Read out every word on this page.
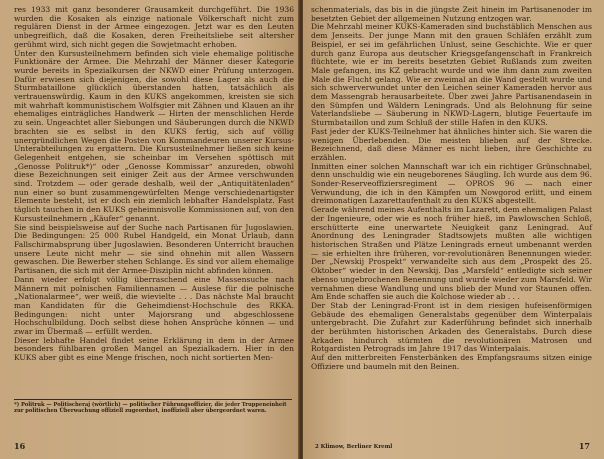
res 1933 mit ganz besonderer Grausamkeit durchgeführt. Die 1936 wurden die Kosaken als einzige nationale Völkerschaft nicht zum regulären Dienst in der Armee eingezogen. Jetzt war es den Leuten unbegreiflich, daß die Kosaken, deren Freiheitsliebe seit altersher gerühmt wird, sich nicht gegen die Sowjetmacht erhoben.

Unter den Kursusteilnehmern befinden sich viele ehemalige politische Funktionäre der Armee. Die Mehrzahl der Männer dieser Kategorie wurde bereits in Spezialkursen der NKWD einer Prüfung unterzogen. Dafür erwiesen sich diejenigen, die sowohl diese Lager als auch die Sturmbataillone glücklich überstanden hatten, tatsächlich als vertrauenswürdig. Kaum in den KUKS angekommen, kreisten sie sich mit wahrhaft kommunistischem Wolfsgier mit Zähnen und Klauen an ihr ehemaliges einträgliches Handwerk — Hirten der menschlichen Herde zu sein. Ungeachtet aller Siebungen und Säuberungen durch die NKWD brachten sie es selbst in den KUKS fertig, sich auf völlig unergründlichen Wegen die Posten von Kommandeuren unserer Kursus-Unterabteilungen zu ergattern. Die Kursusteilnehmer ließen sich keine Gelegenheit entgehen, sie scheinbar im Versehen spöttisch mit „Genosse Politruk*)“ oder „Genosse Kommissar“ anzureden, obwohl diese Bezeichnungen seit einiger Zeit aus der Armee verschwunden sind. Trotzdem — oder gerade deshalb, weil der „Antiquitätenladen“ nun einer so bunt zusammengewürfelten Menge verschiedenartigster Elemente besteht, ist er doch ein ziemlich lebhafter Handelsplatz. Fast täglich tauchen in den KUKS geheimnisvolle Kommissionen auf, von den Kursusteilnehmern „Käufer“ genannt.

Sie sind beispielsweise auf der Suche nach Partisanen für Jugoslawien. Die Bedingungen: 25 000 Rubel Handgeld, ein Monat Urlaub, dann Fallschirmabsprung über Jugoslawien. Besonderen Unterricht brauchen unsere Leute nicht mehr — sie sind ohnehin mit allen Wassern gewaschen. Die Bewerber stehen Schlange. Es sind vor allem ehemalige Partisanen, die sich mit der Armee-Disziplin nicht abfinden können.

Dann wieder erfolgt völlig überraschend eine Massensuche nach Männern mit polnischen Familiennamen — Auslese für die polnische „Nationalarmee“, wer weiß, die wievielte . . . Das nächste Mal braucht man Kandidaten für die Geheimdienst-Hochschule des RKKA. Bedingungen: nicht unter Majorsrang und abgeschlossene Hochschulbildung. Doch selbst diese hohen Ansprüche können — und zwar im Übermaß — erfüllt werden.

Dieser lebhafte Handel findet seine Erklärung in dem in der Armee besonders fühlbaren großen Mangel an Spezialkadern. Hier in den KUKS aber gibt es eine Menge frischen, noch nicht sortierten Men-

*) Politruk — Politischeraj (wörtlich) — politischer Führungsoffizier, die jeder Truppeneinheit zur politischen Überwachung offiziell zugeordnet, inoffiziell aber übergeordnet waren.
16

schenmaterials, das bis in die jüngste Zeit hinein im Partisanenoder im besetzten Gebiet der allgemeinen Nutzung entzogen war.

Die Mehrzahl meiner KUKS-Kameraden sind buchstäblich Menschen aus dem Jenseits. Der junge Mann mit den grauen Schläfen erzählt zum Beispiel, er sei im gefährlichen Unlust, seine Geschichte. Wie er quer durch ganz Europa aus deutscher Kriegsgefangenschaft in Frankreich flüchtete, wie er im bereits besetzten Gebiet Rußlands zum zweiten Male gefangen, ins KZ gebracht wurde und wie ihm dann zum zweiten Male die Flucht gelang. Wie er zweimal an die Wand gestellt wurde und sich schwerverwundet unter den Leichen seiner Kameraden hervor aus dem Massengrab herausarbeitete. Über zwei Jahre Partisanendasein in den Sümpfen und Wäldern Leningrads. Und als Belohnung für seine Vaterlandsliebe — Säuberung in NKWD-Lagern, blutige Feuertaufe im Sturmbataillon und zum Schluß der stille Hafen in den KUKS.

Fast jeder der KUKS-Teilnehmer hat ähnliches hinter sich. Sie waren die wenigen Überlebenden. Die meisten blieben auf der Strecke. Bezeichnend, daß diese Männer es nicht lieben, ihre Geschichte zu erzählen.

Inmitten einer solchen Mannschaft war ich ein richtiger Grünschnabel, denn unschuldig wie ein neugeborenes Säugling. Ich wurde aus dem 96. Sonder-Reserveoffiziersregiment — OPROS 96 — nach einer Verwundung, die ich in den Kämpfen um Nowgorod erlitt, und einem dreimonatigen Lazarettaufenthalt zu den KUKS abgestellt.

Gerade während meines Aufenthalts im Lazarett, dem ehemaligen Palast der Ingenieure, oder wie es noch früher hieß, im Pawlowschen Schloß, erschütterte eine unerwartete Neuigkeit ganz Leningrad. Auf Anordnung des Leningrader Stadtsowjets mußten alle wichtigen historischen Straßen und Plätze Leningrads erneut umbenannt werden — sie erhielten ihre früheren, vor-revolutionären Benennungen wieder. Der „Newskij Prospekt“ verwandelte sich aus dem „Prospekt des 25. Oktober“ wieder in den Newskij. Das „Marsfeld“ entledigte sich seiner ebenso ungebrochenen Benennung und wurde wieder zum Marsfeld. Wir vernahmen diese Wandlung und uns blieb der Mund vor Staunen offen. Am Ende schaffen sie auch die Kolchose wieder ab . . .

Der Stab der Leningrad-Front ist in dem riesigen hufeisenförmigen Gebäude des ehemaligen Generalstabs gegenüber dem Winterpalais untergebracht. Die Zufahrt zur Kaderführung befindet sich innerhalb der berühmten historischen Arkaden des Generalstabs. Durch diese Arkaden hindurch stürmten die revolutionären Matrosen und Rotgardisten Petrograds im Jahre 1917 das Winterpalais.

Auf den mitterbreiten Fensterbänken des Empfangsraums sitzen einige Offiziere und baumeln mit den Beinen.

2 Klimow, Berliner Kreml	17
